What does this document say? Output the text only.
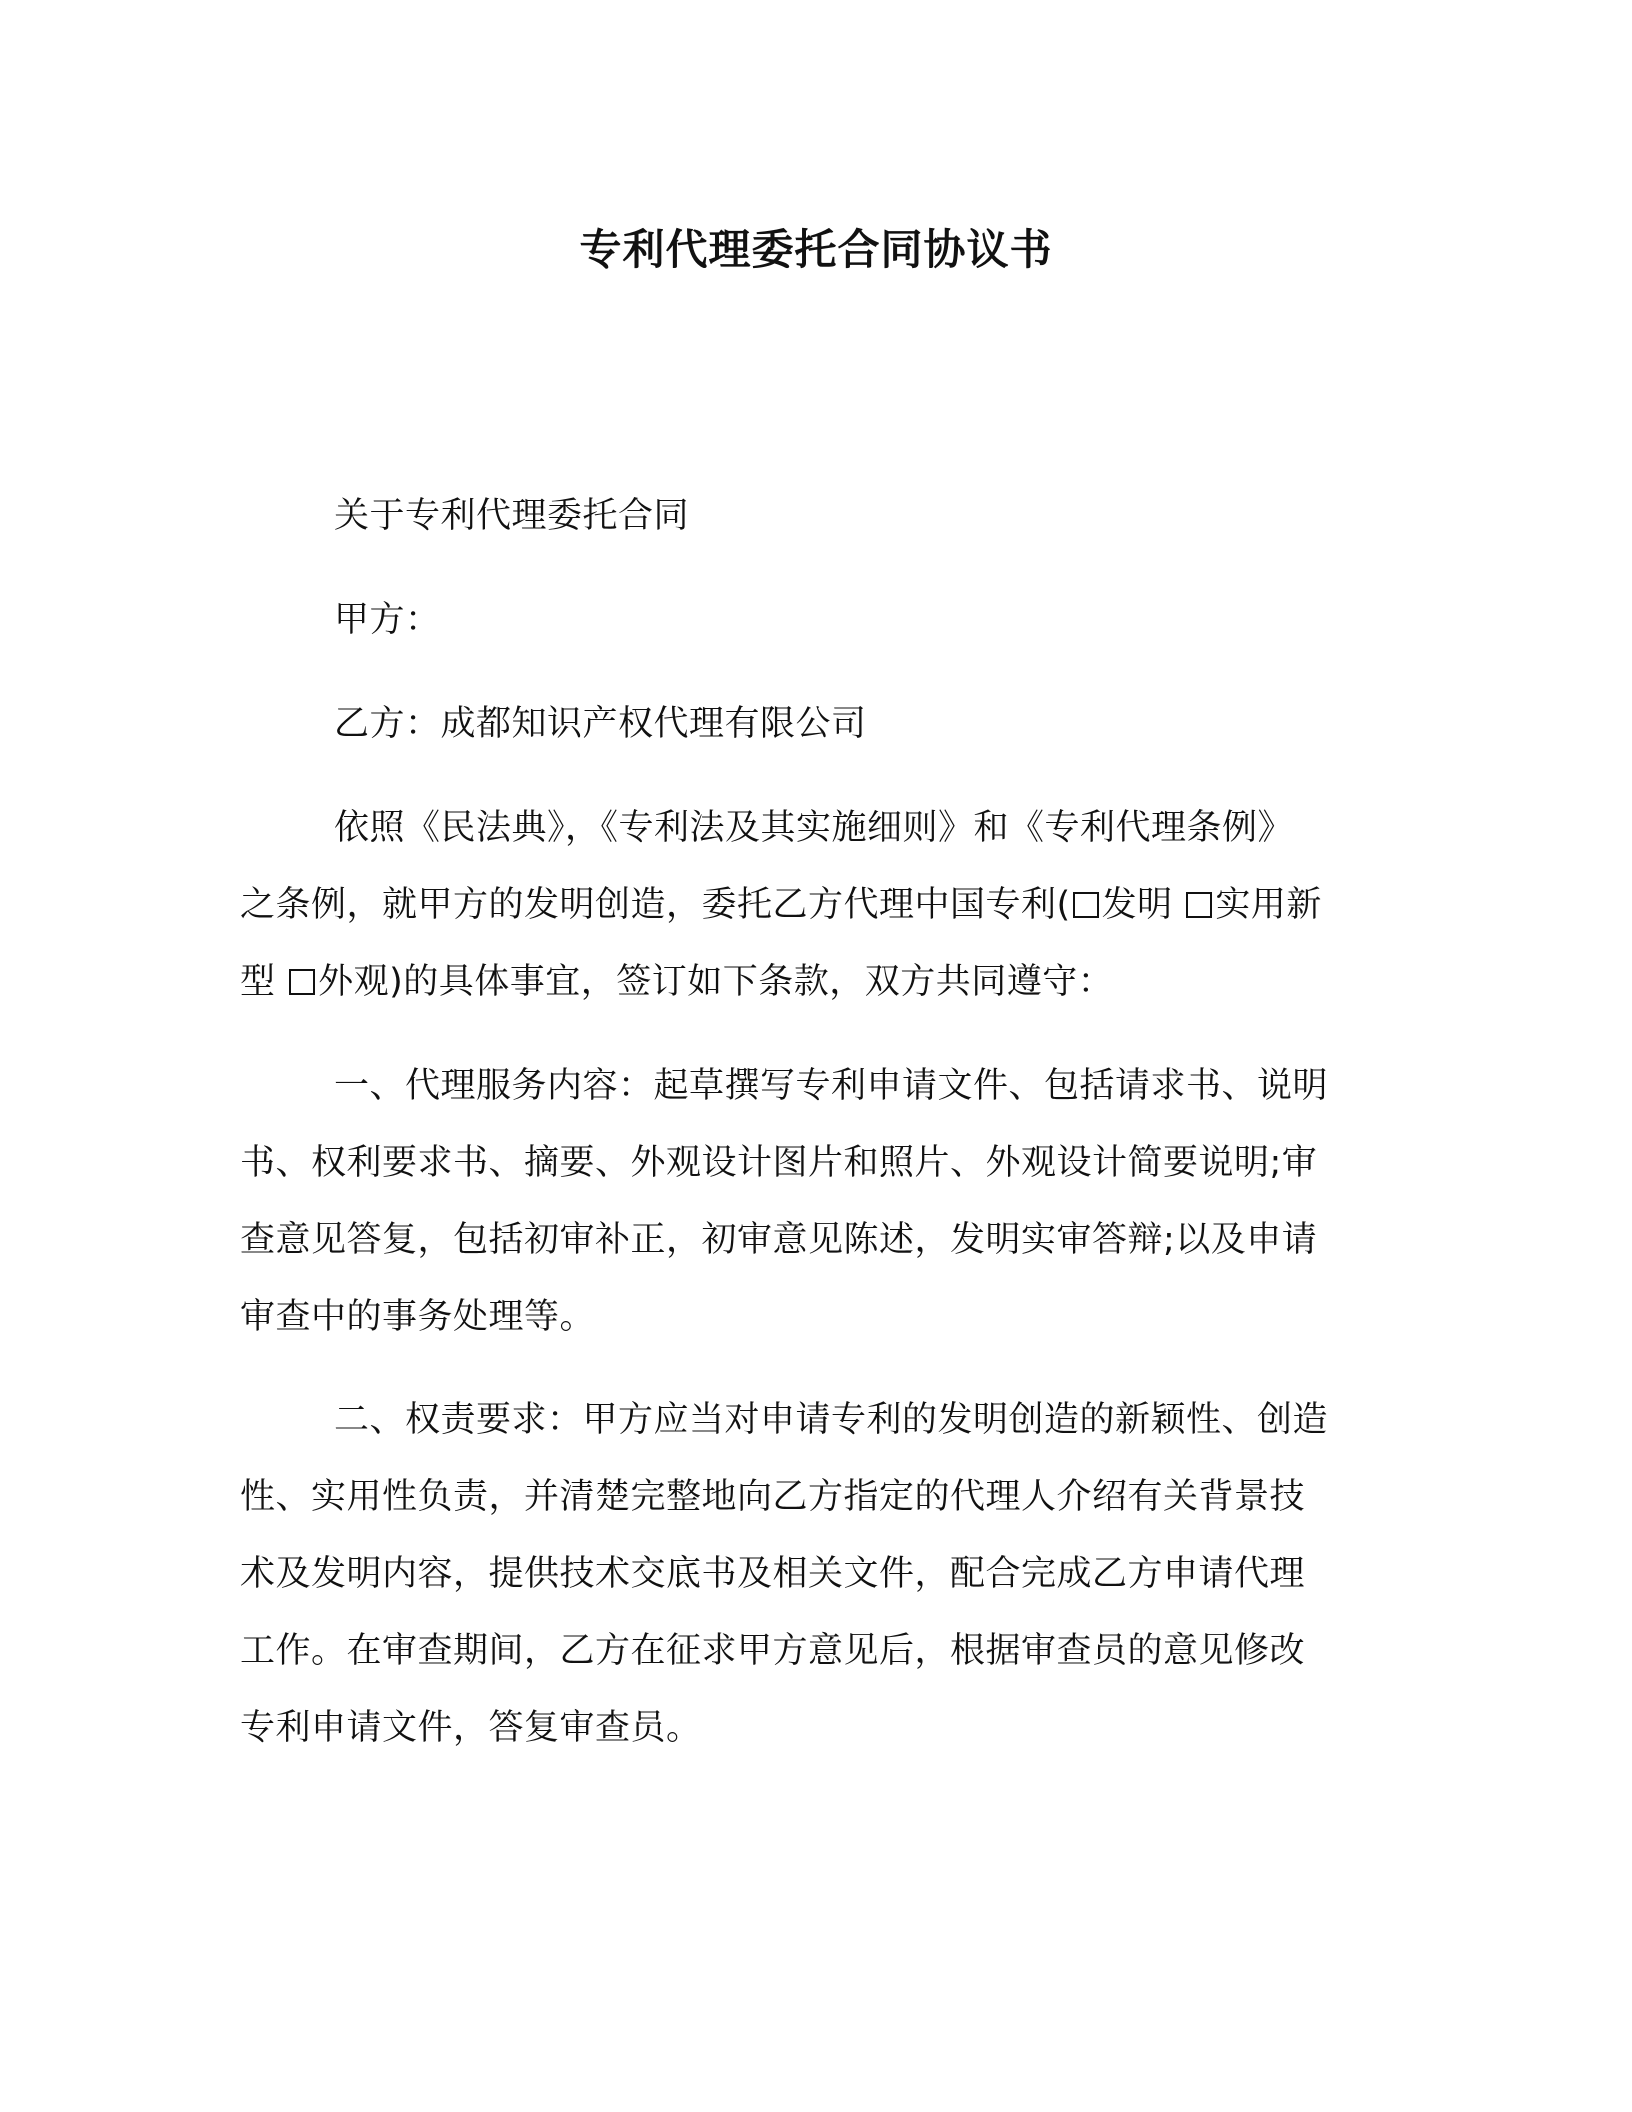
专利代理委托合同协议书
关于专利代理委托合同
甲方：
乙方：成都知识产权代理有限公司
依照《民法典》，《专利法及其实施细则》和《专利代理条例》
之条例，就甲方的发明创造，委托乙方代理中国专利( 发明 实用新
型 外观)的具体事宜，签订如下条款，双方共同遵守：
一、代理服务内容：起草撰写专利申请文件、包括请求书、说明
书、权利要求书、摘要、外观设计图片和照片、外观设计简要说明;审
查意见答复，包括初审补正，初审意见陈述，发明实审答辩;以及申请
审查中的事务处理等。
二、权责要求：甲方应当对申请专利的发明创造的新颖性、创造
性、实用性负责，并清楚完整地向乙方指定的代理人介绍有关背景技
术及发明内容，提供技术交底书及相关文件，配合完成乙方申请代理
工作。在审查期间，乙方在征求甲方意见后，根据审查员的意见修改
专利申请文件，答复审查员。
